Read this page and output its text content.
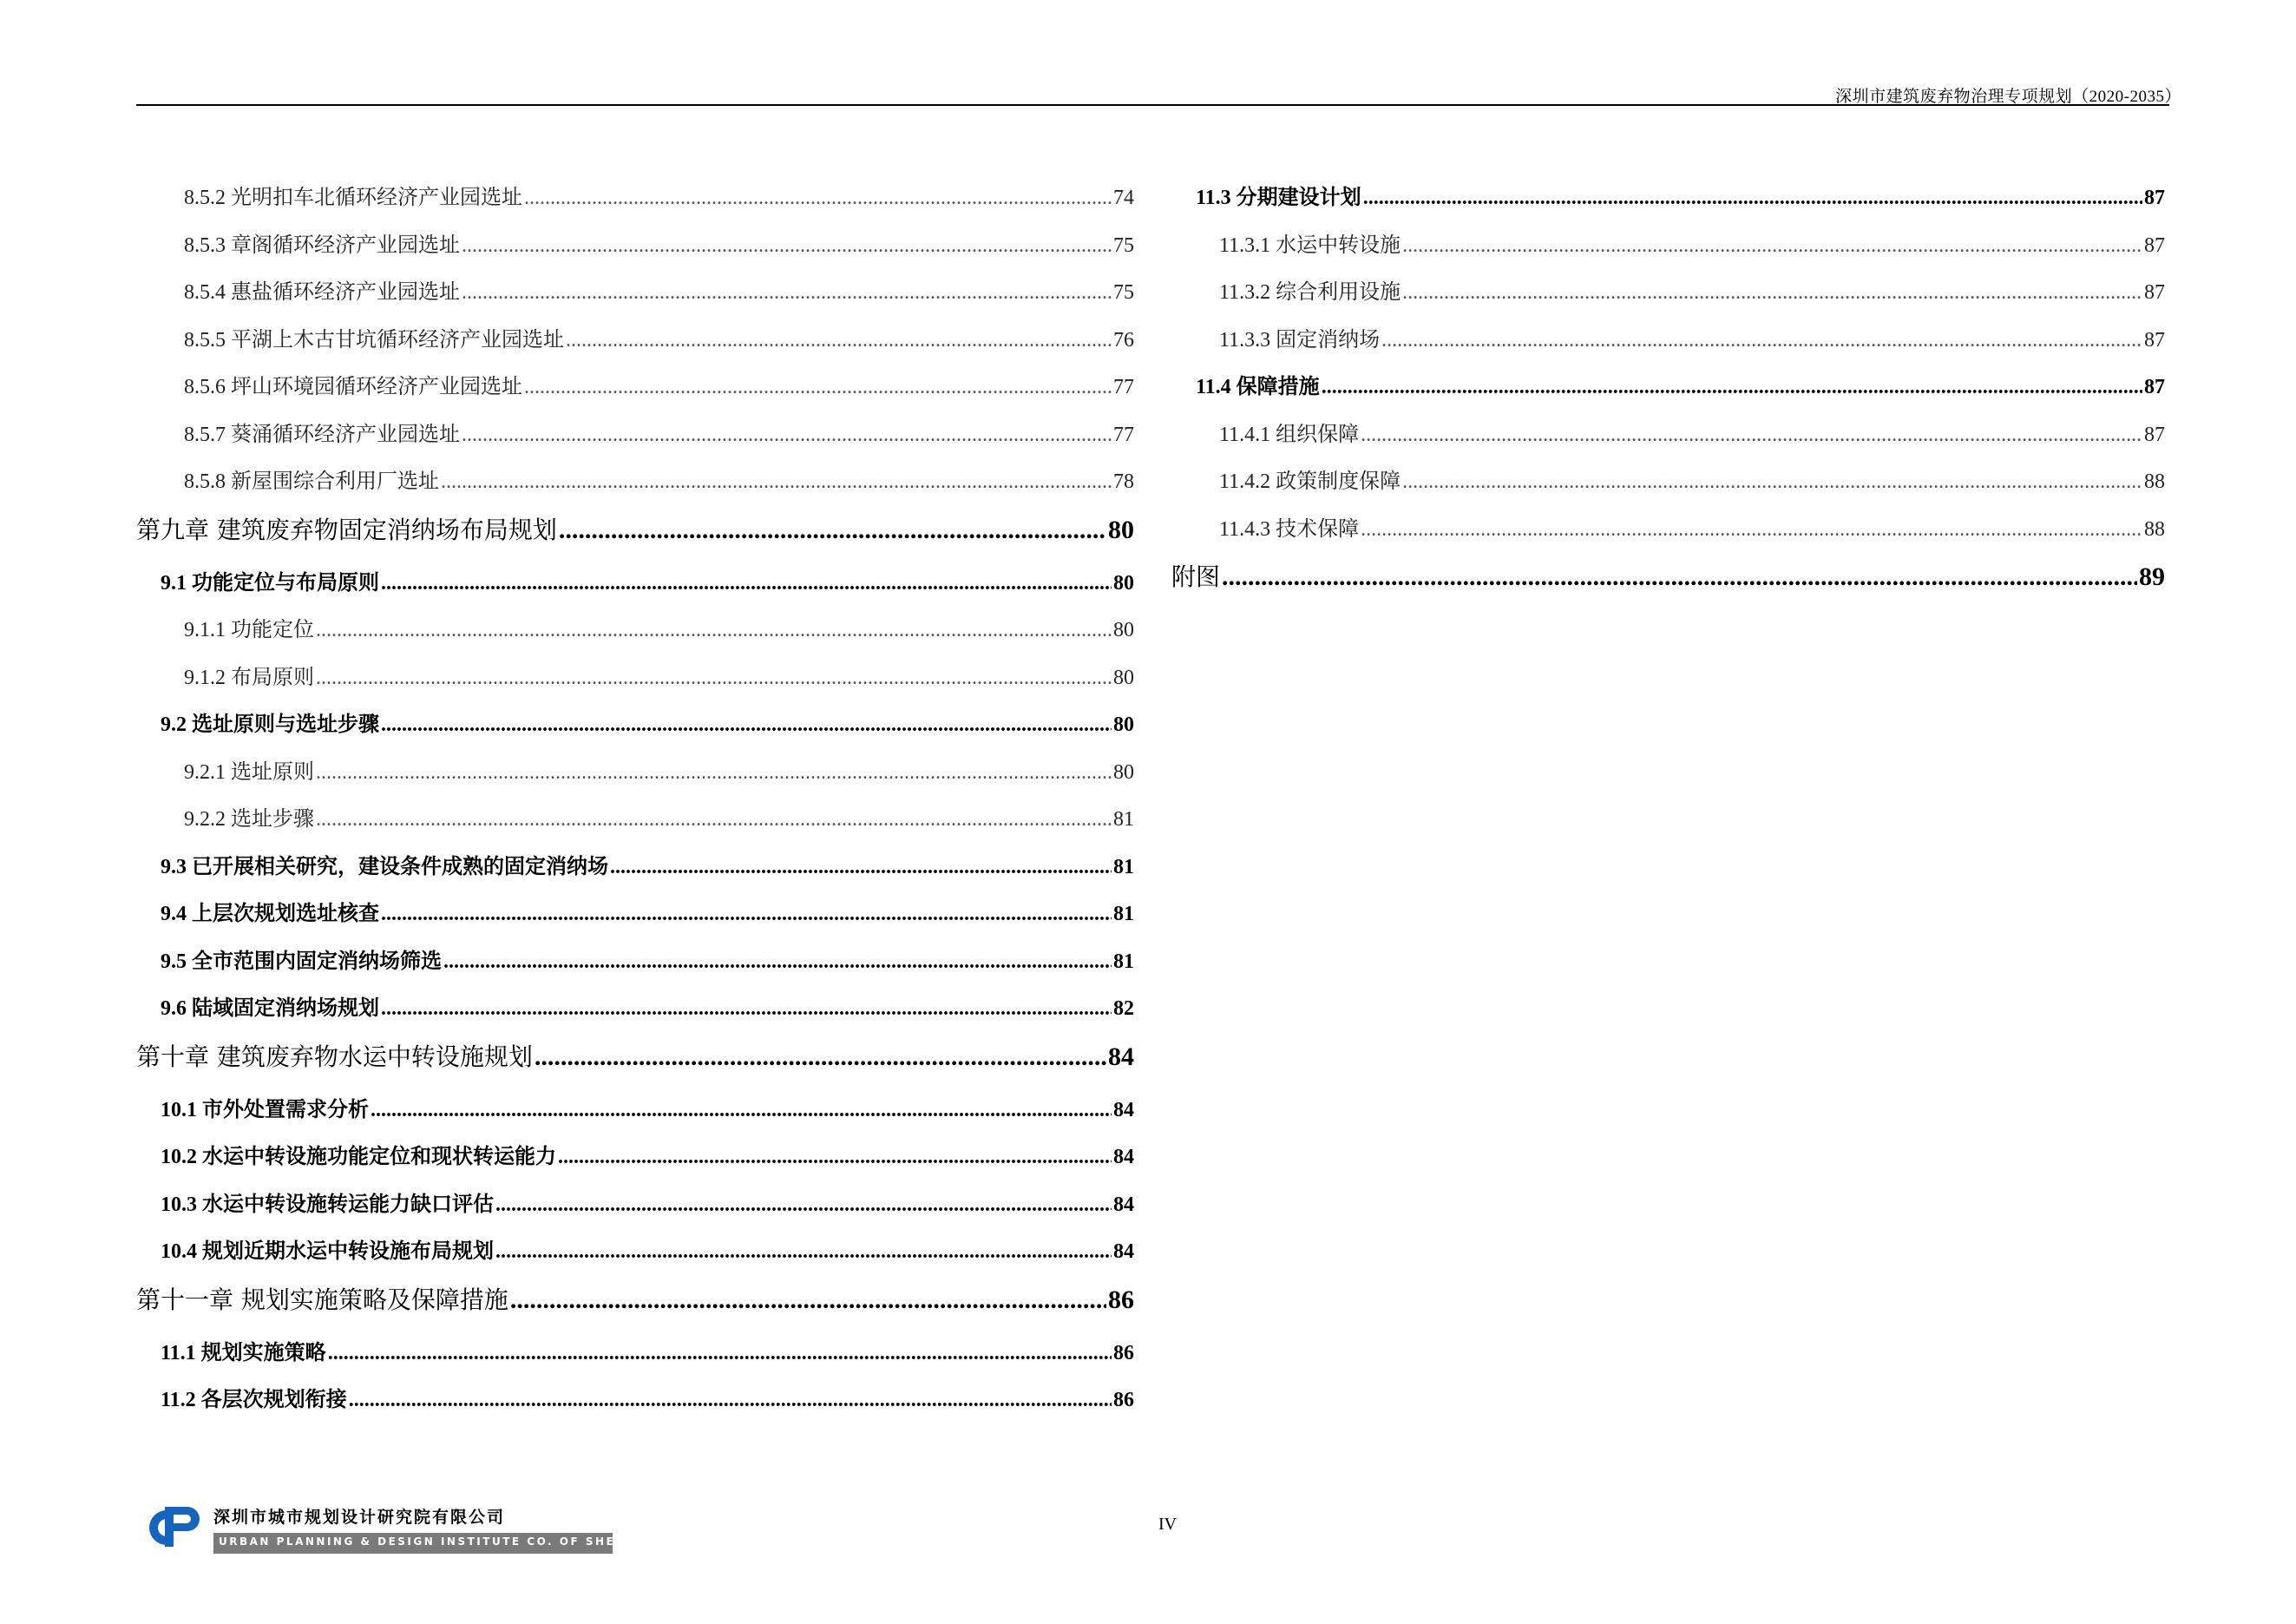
深圳市建筑废弃物治理专项规划（2020-2035）
8.5.2 光明扣车北循环经济产业园选址 .....	74
8.5.3 章阁循环经济产业园选址 .....	75
8.5.4 惠盐循环经济产业园选址 .....	75
8.5.5 平湖上木古甘坑循环经济产业园选址 .....	76
8.5.6 坪山环境园循环经济产业园选址 .....	77
8.5.7 葵涌循环经济产业园选址 .....	77
8.5.8 新屋围综合利用厂选址 .....	78
第九章 建筑废弃物固定消纳场布局规划 .....	80
9.1 功能定位与布局原则 .....	80
9.1.1 功能定位 .....	80
9.1.2 布局原则 .....	80
9.2 选址原则与选址步骤 .....	80
9.2.1 选址原则 .....	80
9.2.2 选址步骤 .....	81
9.3 已开展相关研究，建设条件成熟的固定消纳场 .....	81
9.4 上层次规划选址核查 .....	81
9.5 全市范围内固定消纳场筛选 .....	81
9.6 陆域固定消纳场规划 .....	82
第十章 建筑废弃物水运中转设施规划 .....	84
10.1 市外处置需求分析 .....	84
10.2 水运中转设施功能定位和现状转运能力 .....	84
10.3 水运中转设施转运能力缺口评估 .....	84
10.4 规划近期水运中转设施布局规划 .....	84
第十一章 规划实施策略及保障措施 .....	86
11.1 规划实施策略 .....	86
11.2 各层次规划衔接 .....	86
11.3 分期建设计划 .....	87
11.3.1 水运中转设施 .....	87
11.3.2 综合利用设施 .....	87
11.3.3 固定消纳场 .....	87
11.4 保障措施 .....	87
11.4.1 组织保障 .....	87
11.4.2 政策制度保障 .....	88
11.4.3 技术保障 .....	88
附图 .....	89
深圳市城市规划设计研究院有限公司
URBAN PLANNING & DESIGN INSTITUTE CO. OF SHENZHEN
IV
